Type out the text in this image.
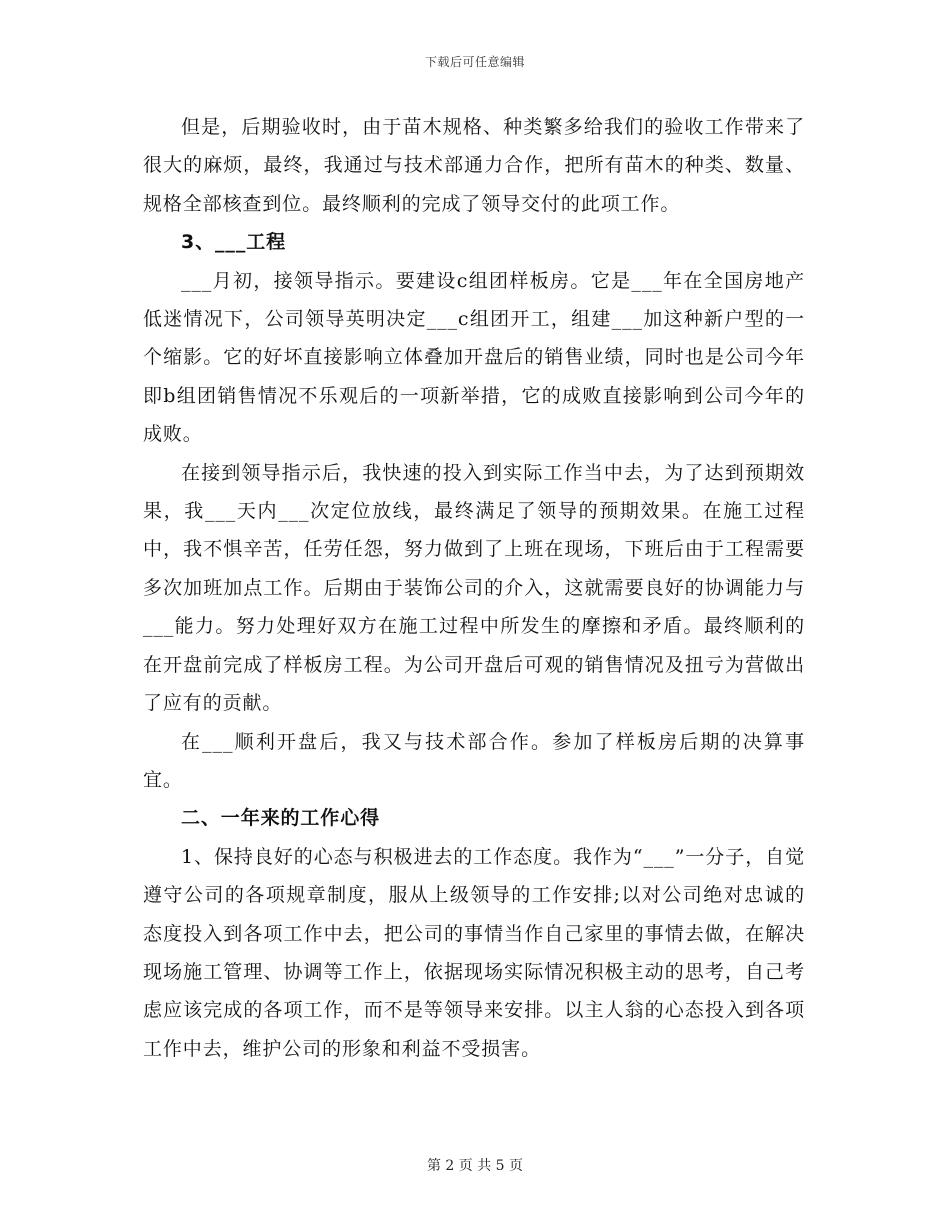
下载后可任意编辑

但是，后期验收时，由于苗木规格、种类繁多给我们的验收工作带来了很大的麻烦，最终，我通过与技术部通力合作，把所有苗木的种类、数量、规格全部核查到位。最终顺利的完成了领导交付的此项工作。

3、___工程

___月初，接领导指示。要建设c组团样板房。它是___年在全国房地产低迷情况下，公司领导英明决定___c组团开工，组建___加这种新户型的一个缩影。它的好坏直接影响立体叠加开盘后的销售业绩，同时也是公司今年即b组团销售情况不乐观后的一项新举措，它的成败直接影响到公司今年的成败。

在接到领导指示后，我快速的投入到实际工作当中去，为了达到预期效果，我___天内___次定位放线，最终满足了领导的预期效果。在施工过程中，我不惧辛苦，任劳任怨，努力做到了上班在现场，下班后由于工程需要多次加班加点工作。后期由于装饰公司的介入，这就需要良好的协调能力与___能力。努力处理好双方在施工过程中所发生的摩擦和矛盾。最终顺利的在开盘前完成了样板房工程。为公司开盘后可观的销售情况及扭亏为营做出了应有的贡献。

在___顺利开盘后，我又与技术部合作。参加了样板房后期的决算事宜。

二、一年来的工作心得

1、保持良好的心态与积极进去的工作态度。我作为“___”一分子，自觉遵守公司的各项规章制度，服从上级领导的工作安排;以对公司绝对忠诚的态度投入到各项工作中去，把公司的事情当作自己家里的事情去做，在解决现场施工管理、协调等工作上，依据现场实际情况积极主动的思考，自己考虑应该完成的各项工作，而不是等领导来安排。以主人翁的心态投入到各项工作中去，维护公司的形象和利益不受损害。

第 2 页 共 5 页
